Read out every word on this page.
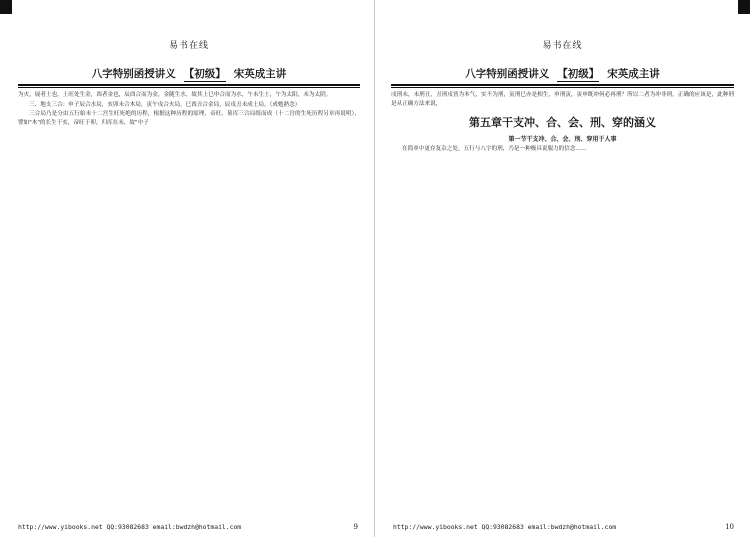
易书在线
八字特别函授讲义 【初级】 宋英成主讲

为火，展者土也，土旺处生金，酉者金也，辰酉合而为金，金随生水，故其上巳申合而为水，午未生土，午为太阳，未为太阴。

三、地支三合：申子辰合水局，亥卯未合木局，寅午戌合火局，巳酉丑合金局，辰戌丑未成土局。（成勉熟念）

三合局乃是分由五行始末十二宫生旺死绝的历程，根据这种历程的原理，帝旺、墓库三合局组而成（十二宫的生死历程另章再说明），譬如"木"的长生于亥，帝旺于卯，归库在未，故"中子

http://www.yibooks.net QQ:93082683 email:bwdzh@hotmail.com	9
易书在线
八字特别函授讲义 【初级】 宋英成主讲

戌刑未，未刑丑，丑刑戌皆为本气，实不为刑，寅刑巳亦是相生，申刑寅，寅申既冲何必再刑？所以二者为冲非刑，正确的应该是，此种刑是从正确方法来说，

第五章干支冲、合、会、刑、穿的涵义
第一节干支冲、合、会、刑、穿用于人事

在简单中更存复杂之处，五行与八字的刑，乃是一种极具说服力的信念……

http://www.yibooks.net QQ:93082683 email:bwdzh@hotmail.com	10
